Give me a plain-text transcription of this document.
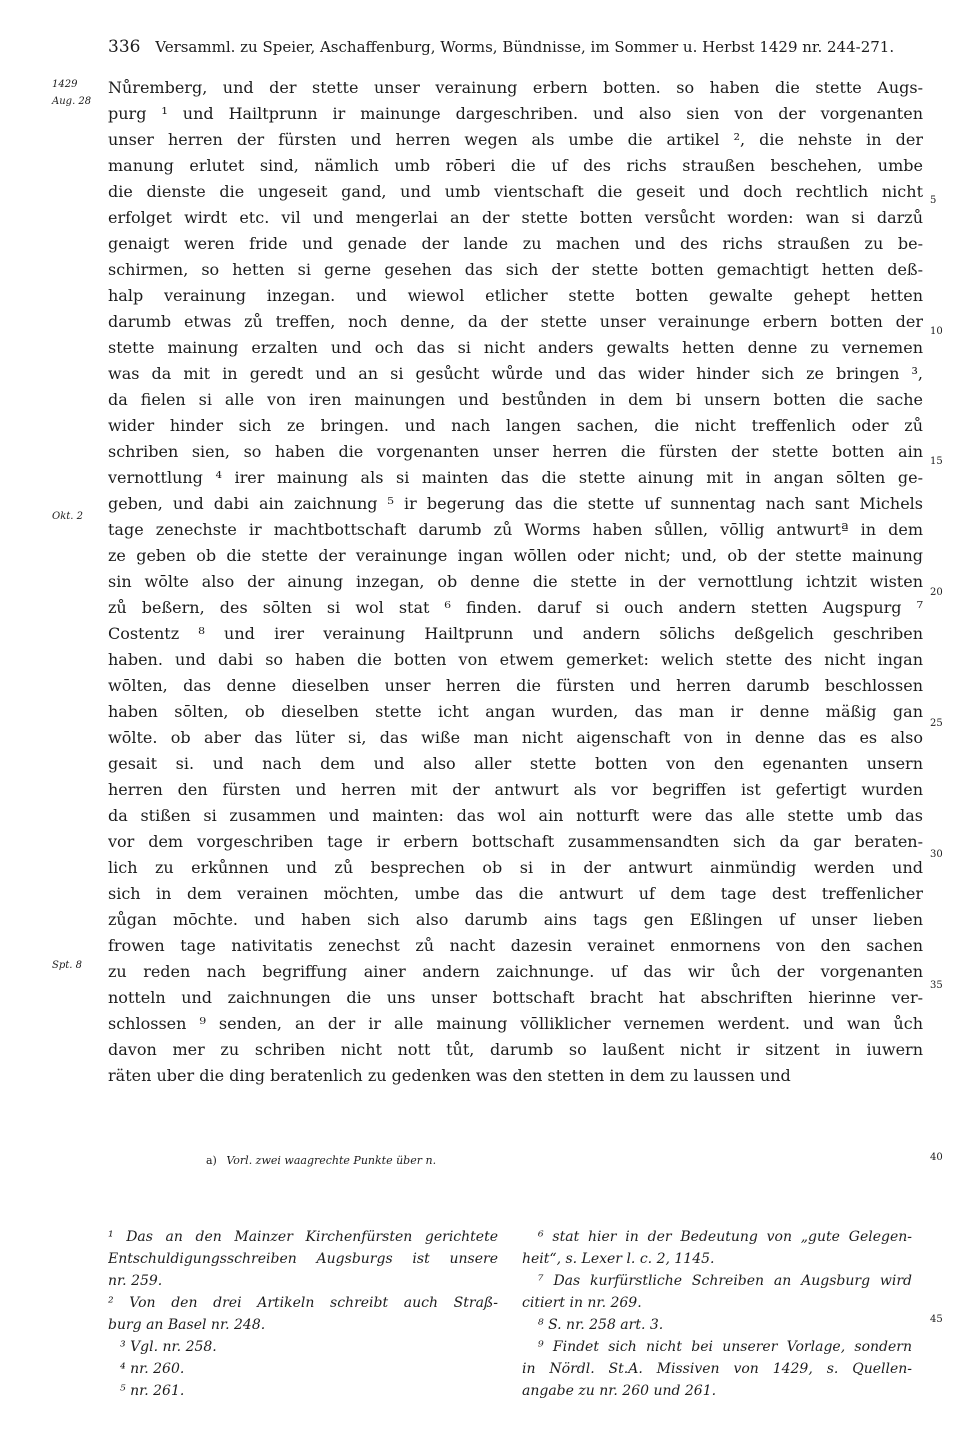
336 Versamml. zu Speier, Aschaffenburg, Worms, Bündnisse, im Sommer u. Herbst 1429 nr. 244-271.
1429
Aug. 28
Okt. 2
Spt. 8
5
10
15
20
25
30
35
40
45
Nůremberg, und der stette unser verainung erbern botten. so haben die stette Augs-
purg ¹ und Hailtprunn ir mainunge dargeschriben. und also sien von der vorgenanten
unser herren der fürsten und herren wegen als umbe die artikel ², die nehste in der
manung erlutet sind, nämlich umb rōberi die uf des richs straußen beschehen, umbe
die dienste die ungeseit gand, und umb vientschaft die geseit und doch rechtlich nicht
erfolget wirdt etc. vil und mengerlai an der stette botten versůcht worden: wan si darzů
genaigt weren fride und genade der lande zu machen und des richs straußen zu be-
schirmen, so hetten si gerne gesehen das sich der stette botten gemachtigt hetten deß-
halp verainung inzegan. und wiewol etlicher stette botten gewalte gehept hetten
darumb etwas zů treffen, noch denne, da der stette unser verainunge erbern botten der
stette mainung erzalten und och das si nicht anders gewalts hetten denne zu vernemen
was da mit in geredt und an si gesůcht wůrde und das wider hinder sich ze bringen ³,
da fielen si alle von iren mainungen und bestůnden in dem bi unsern botten die sache
wider hinder sich ze bringen. und nach langen sachen, die nicht treffenlich oder zů
schriben sien, so haben die vorgenanten unser herren die fürsten der stette botten ain
vernottlung ⁴ irer mainung als si mainten das die stette ainung mit in angan sōlten ge-
geben, und dabi ain zaichnung ⁵ ir begerung das die stette uf sunnentag nach sant Michels
tage zenechste ir machtbottschaft darumb zů Worms haben sůllen, vōllig antwurtª in dem
ze geben ob die stette der verainunge ingan wōllen oder nicht; und, ob der stette mainung
sin wōlte also der ainung inzegan, ob denne die stette in der vernottlung ichtzit wisten
zů beßern, des sōlten si wol stat ⁶ finden. daruf si ouch andern stetten Augspurg ⁷
Costentz ⁸ und irer verainung Hailtprunn und andern sōlichs deßgelich geschriben
haben. und dabi so haben die botten von etwem gemerket: welich stette des nicht ingan
wōlten, das denne dieselben unser herren die fürsten und herren darumb beschlossen
haben sōlten, ob dieselben stette icht angan wurden, das man ir denne mäßig gan
wōlte. ob aber das lüter si, das wiße man nicht aigenschaft von in denne das es also
gesait si. und nach dem und also aller stette botten von den egenanten unsern
herren den fürsten und herren mit der antwurt als vor begriffen ist gefertigt wurden
da stißen si zusammen und mainten: das wol ain notturft were das alle stette umb das
vor dem vorgeschriben tage ir erbern bottschaft zusammensandten sich da gar beraten-
lich zu erkůnnen und zů besprechen ob si in der antwurt ainmündig werden und
sich in dem verainen möchten, umbe das die antwurt uf dem tage dest treffenlicher
zůgan mōchte. und haben sich also darumb ains tags gen Eßlingen uf unser lieben
frowen tage nativitatis zenechst zů nacht dazesin verainet enmornens von den sachen
zu reden nach begriffung ainer andern zaichnunge. uf das wir ůch der vorgenanten
notteln und zaichnungen die uns unser bottschaft bracht hat abschriften hierinne ver-
schlossen ⁹ senden, an der ir alle mainung vōlliklicher vernemen werdent. und wan ůch
davon mer zu schriben nicht nott tůt, darumb so laußent nicht ir sitzent in iuwern
räten uber die ding beratenlich zu gedenken was den stetten in dem zu laussen und
a) Vorl. zwei waagrechte Punkte über n.
¹ Das an den Mainzer Kirchenfürsten gerichtete
Entschuldigungsschreiben Augsburgs ist unsere
nr. 259.
² Von den drei Artikeln schreibt auch Straß-
burg an Basel nr. 248.
³ Vgl. nr. 258.
⁴ nr. 260.
⁵ nr. 261.
⁶ stat hier in der Bedeutung von „gute Gelegen-
heit“, s. Lexer l. c. 2, 1145.
⁷ Das kurfürstliche Schreiben an Augsburg wird
citiert in nr. 269.
⁸ S. nr. 258 art. 3.
⁹ Findet sich nicht bei unserer Vorlage, sondern
in Nördl. St.A. Missiven von 1429, s. Quellen-
angabe zu nr. 260 und 261.
